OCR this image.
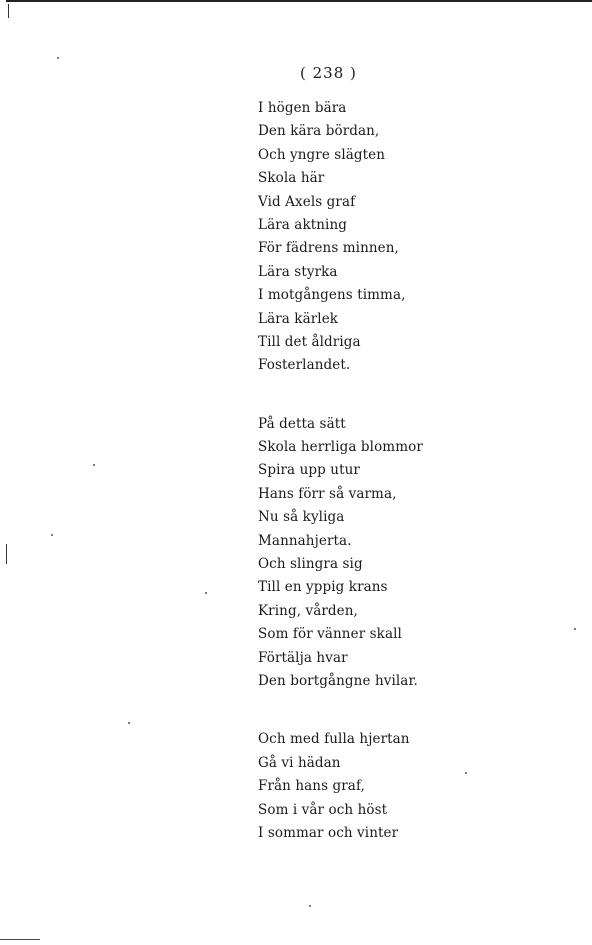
( 238 )
I högen bära
Den kära bördan,
Och yngre slägten
Skola här
Vid Axels graf
Lära aktning
För fädrens minnen,
Lära styrka
I motgångens timma,
Lära kärlek
Till det åldriga
Fosterlandet.
På detta sätt
Skola herrliga blommor
Spira upp utur
Hans förr så varma,
Nu så kyliga
Mannahjerta.
Och slingra sig
Till en yppig krans
Kring, vården,
Som för vänner skall
Förtälja hvar
Den bortgångne hvilar.
Och med fulla hjertan
Gå vi hädan
Från hans graf,
Som i vår och höst
I sommar och vinter
